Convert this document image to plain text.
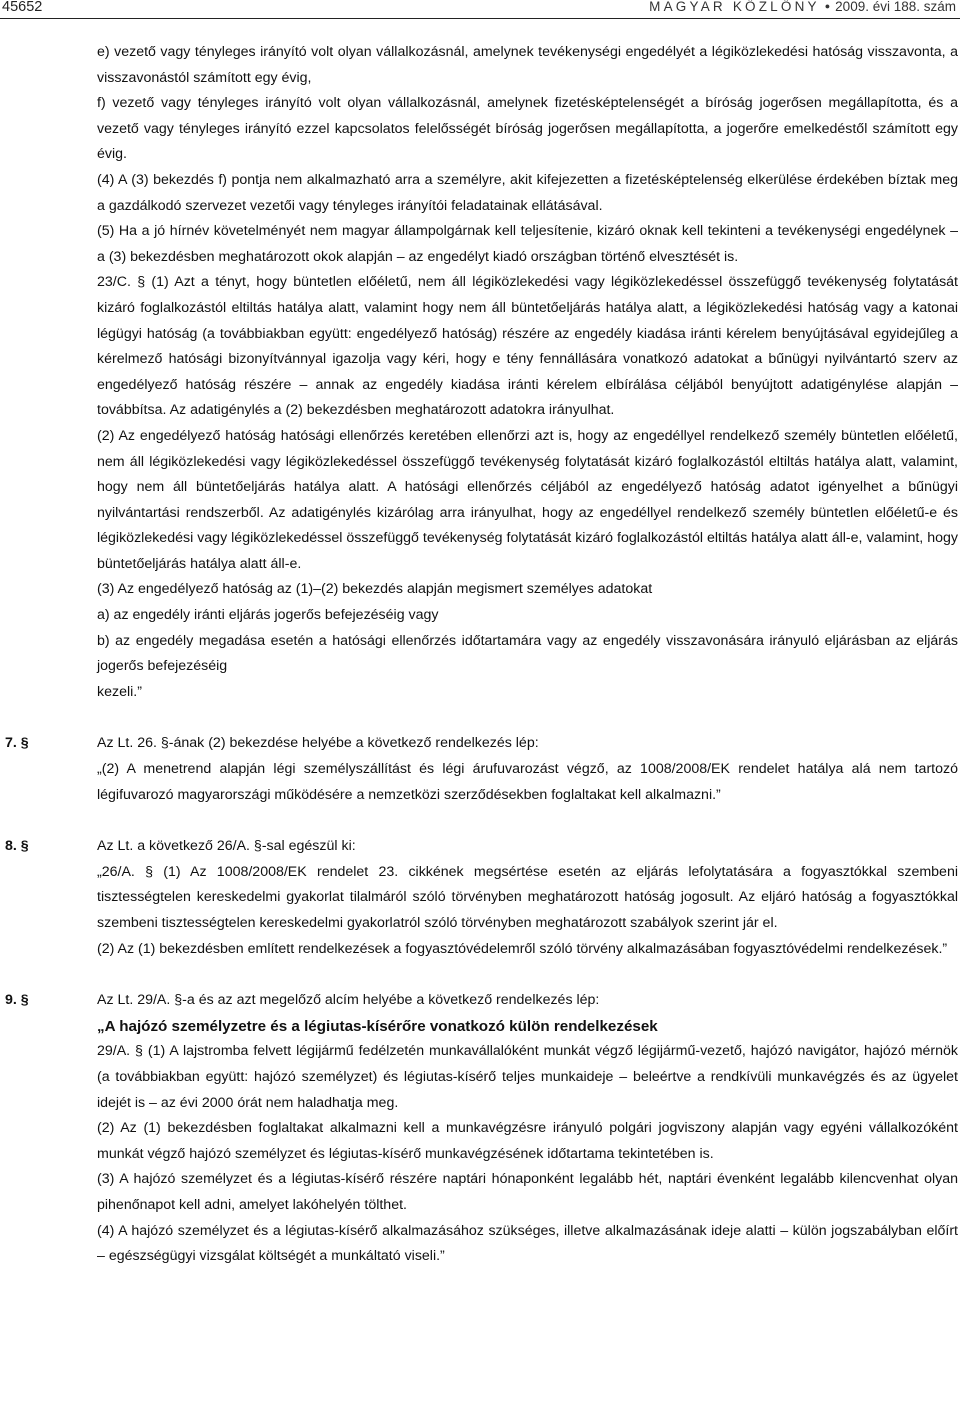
45652	MAGYAR KÖZLÖNY ● 2009. évi 188. szám

e) vezető vagy tényleges irányító volt olyan vállalkozásnál, amelynek tevékenységi engedélyét a légiközlekedési hatóság visszavonta, a visszavonástól számított egy évig,

f) vezető vagy tényleges irányító volt olyan vállalkozásnál, amelynek fizetésképtelenségét a bíróság jogerősen megállapította, és a vezető vagy tényleges irányító ezzel kapcsolatos felelősségét bíróság jogerősen megállapította, a jogerőre emelkedéstől számított egy évig.

(4) A (3) bekezdés f) pontja nem alkalmazható arra a személyre, akit kifejezetten a fizetésképtelenség elkerülése érdekében bíztak meg a gazdálkodó szervezet vezetői vagy tényleges irányítói feladatainak ellátásával.

(5) Ha a jó hírnév követelményét nem magyar állampolgárnak kell teljesítenie, kizáró oknak kell tekinteni a tevékenységi engedélynek – a (3) bekezdésben meghatározott okok alapján – az engedélyt kiadó országban történő elvesztését is.

23/C. § (1) Azt a tényt, hogy büntetlen előéletű, nem áll légiközlekedési vagy légiközlekedéssel összefüggő tevékenység folytatását kizáró foglalkozástól eltiltás hatálya alatt, valamint hogy nem áll büntetőeljárás hatálya alatt, a légiközlekedési hatóság vagy a katonai légügyi hatóság (a továbbiakban együtt: engedélyező hatóság) részére az engedély kiadása iránti kérelem benyújtásával egyidejűleg a kérelmező hatósági bizonyítvánnyal igazolja vagy kéri, hogy e tény fennállására vonatkozó adatokat a bűnügyi nyilvántartó szerv az engedélyező hatóság részére – annak az engedély kiadása iránti kérelem elbírálása céljából benyújtott adatigénylése alapján – továbbítsa. Az adatigénylés a (2) bekezdésben meghatározott adatokra irányulhat.

(2) Az engedélyező hatóság hatósági ellenőrzés keretében ellenőrzi azt is, hogy az engedéllyel rendelkező személy büntetlen előéletű, nem áll légiközlekedési vagy légiközlekedéssel összefüggő tevékenység folytatását kizáró foglalkozástól eltiltás hatálya alatt, valamint, hogy nem áll büntetőeljárás hatálya alatt. A hatósági ellenőrzés céljából az engedélyező hatóság adatot igényelhet a bűnügyi nyilvántartási rendszerből. Az adatigénylés kizárólag arra irányulhat, hogy az engedéllyel rendelkező személy büntetlen előéletű-e és légiközlekedési vagy légiközlekedéssel összefüggő tevékenység folytatását kizáró foglalkozástól eltiltás hatálya alatt áll-e, valamint, hogy büntetőeljárás hatálya alatt áll-e.

(3) Az engedélyező hatóság az (1)–(2) bekezdés alapján megismert személyes adatokat

a) az engedély iránti eljárás jogerős befejezéséig vagy

b) az engedély megadása esetén a hatósági ellenőrzés időtartamára vagy az engedély visszavonására irányuló eljárásban az eljárás jogerős befejezéséig

kezeli.”

7. §	Az Lt. 26. §-ának (2) bekezdése helyébe a következő rendelkezés lép:

„(2) A menetrend alapján légi személyszállítást és légi árufuvarozást végző, az 1008/2008/EK rendelet hatálya alá nem tartozó légifuvarozó magyarországi működésére a nemzetközi szerződésekben foglaltakat kell alkalmazni.”

8. §	Az Lt. a következő 26/A. §-sal egészül ki:

„26/A. § (1) Az 1008/2008/EK rendelet 23. cikkének megsértése esetén az eljárás lefolytatására a fogyasztókkal szembeni tisztességtelen kereskedelmi gyakorlat tilalmáról szóló törvényben meghatározott hatóság jogosult. Az eljáró hatóság a fogyasztókkal szembeni tisztességtelen kereskedelmi gyakorlatról szóló törvényben meghatározott szabályok szerint jár el.

(2) Az (1) bekezdésben említett rendelkezések a fogyasztóvédelemről szóló törvény alkalmazásában fogyasztóvédelmi rendelkezések.”

9. §	Az Lt. 29/A. §-a és az azt megelőző alcím helyébe a következő rendelkezés lép:

„A hajózó személyzetre és a légiutas-kísérőre vonatkozó külön rendelkezések

29/A. § (1) A lajstromba felvett légijármű fedélzetén munkavállalóként munkát végző légijármű-vezető, hajózó navigátor, hajózó mérnök (a továbbiakban együtt: hajózó személyzet) és légiutas-kísérő teljes munkaideje – beleértve a rendkívüli munkavégzés és az ügyelet idejét is – az évi 2000 órát nem haladhatja meg.

(2) Az (1) bekezdésben foglaltakat alkalmazni kell a munkavégzésre irányuló polgári jogviszony alapján vagy egyéni vállalkozóként munkát végző hajózó személyzet és légiutas-kísérő munkavégzésének időtartama tekintetében is.

(3) A hajózó személyzet és a légiutas-kísérő részére naptári hónaponként legalább hét, naptári évenként legalább kilencvenhat olyan pihenőnapot kell adni, amelyet lakóhelyén tölthet.

(4) A hajózó személyzet és a légiutas-kísérő alkalmazásához szükséges, illetve alkalmazásának ideje alatti – külön jogszabályban előírt – egészségügyi vizsgálat költségét a munkáltató viseli.”
